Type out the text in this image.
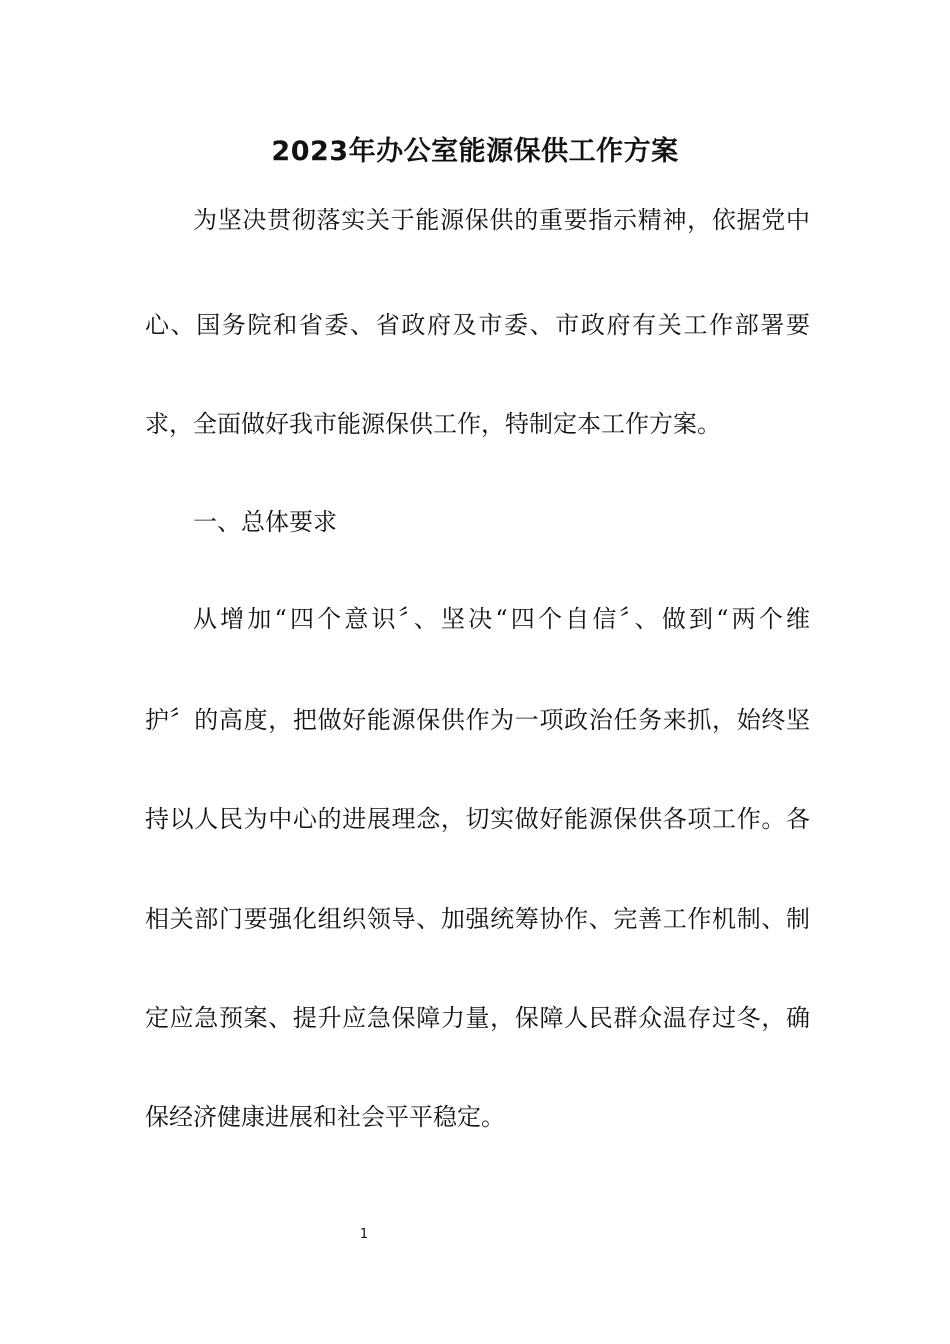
2023年办公室能源保供工作方案
为坚决贯彻落实关于能源保供的重要指示精神，依据党中
心、国务院和省委、省政府及市委、市政府有关工作部署要
求，全面做好我市能源保供工作，特制定本工作方案。
一、总体要求
从增加“四个意识〞、坚决“四个自信〞、做到“两个维
护〞的高度，把做好能源保供作为一项政治任务来抓，始终坚
持以人民为中心的进展理念，切实做好能源保供各项工作。各
相关部门要强化组织领导、加强统筹协作、完善工作机制、制
定应急预案、提升应急保障力量，保障人民群众温存过冬，确
保经济健康进展和社会平平稳定。
1
